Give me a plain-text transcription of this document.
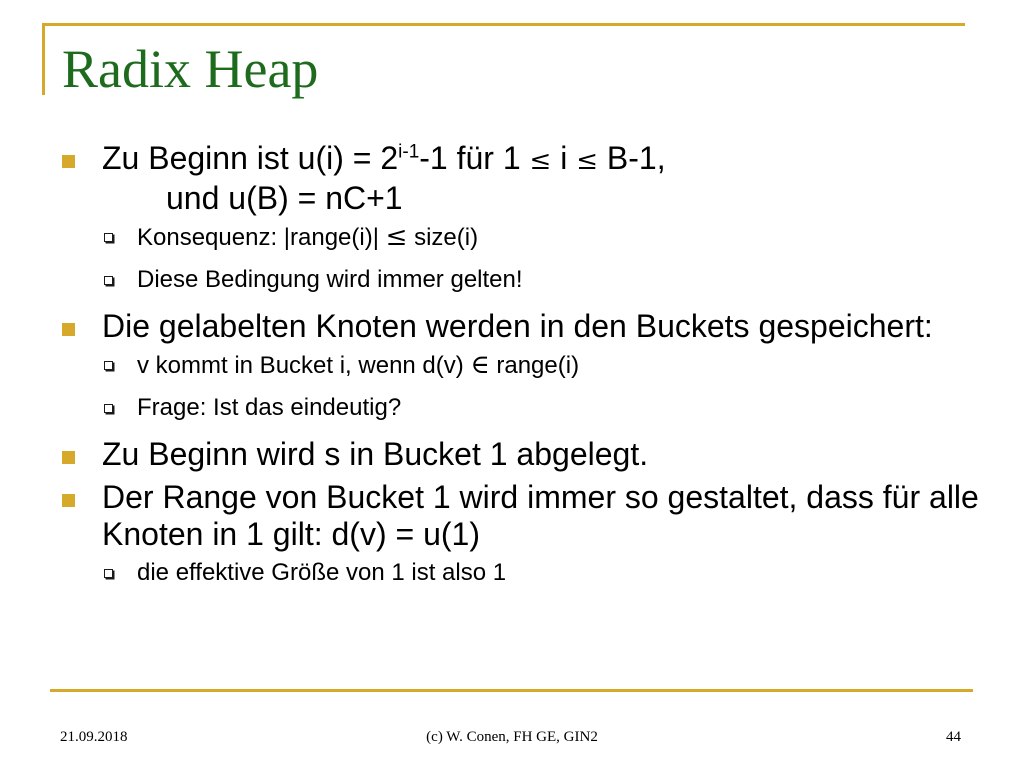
Radix Heap
Zu Beginn ist $u(i) = 2^{i-1}-1$ für 1 ≤ i ≤ B-1,
und u(B) = nC+1
Konsequenz: |range(i)| ≤ size(i)
Diese Bedingung wird immer gelten!
Die gelabelten Knoten werden in den Buckets gespeichert:
v kommt in Bucket i, wenn d(v) ∈ range(i)
Frage: Ist das eindeutig?
Zu Beginn wird s in Bucket 1 abgelegt.
Der Range von Bucket 1 wird immer so gestaltet, dass für alle Knoten in 1 gilt: d(v) = u(1)
die effektive Größe von 1 ist also 1
21.09.2018	(c) W. Conen, FH GE, GIN2	44
